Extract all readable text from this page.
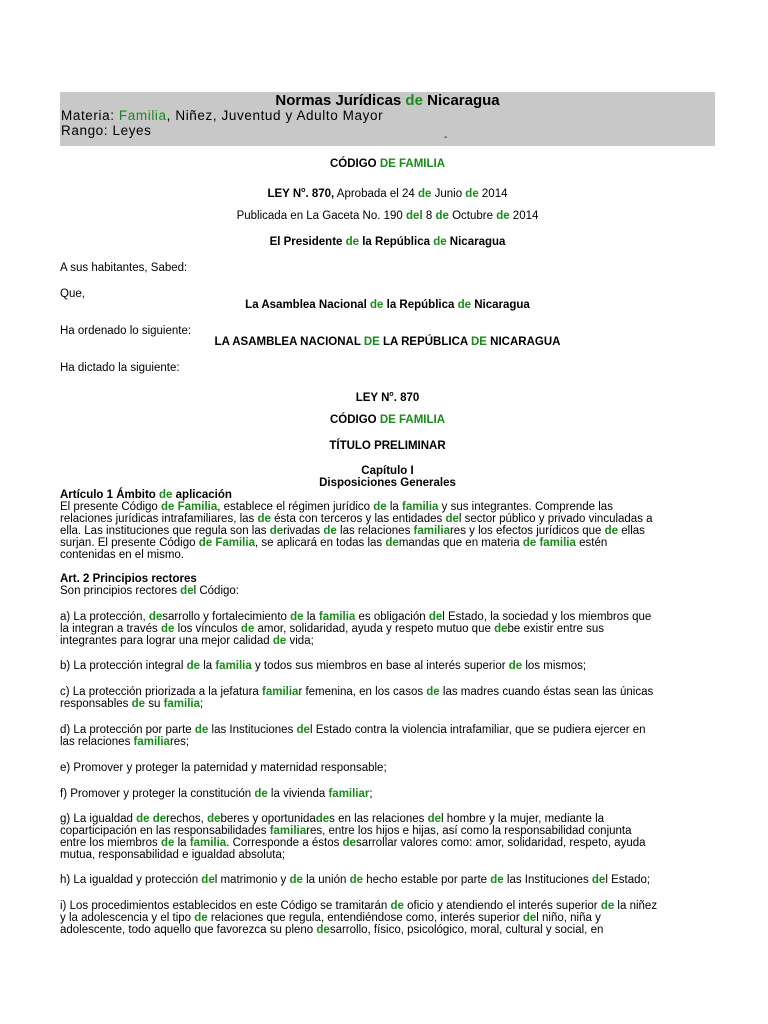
Normas Jurídicas de Nicaragua
Materia: Familia, Niñez, Juventud y Adulto Mayor
Rango: Leyes	-
CÓDIGO DE FAMILIA
LEY $N^o$. 870, Aprobada el 24 de Junio de 2014
Publicada en La Gaceta No. 190 del 8 de Octubre de 2014
El Presidente de la República de Nicaragua
A sus habitantes, Sabed:
Que,
La Asamblea Nacional de la República de Nicaragua
Ha ordenado lo siguiente:
LA ASAMBLEA NACIONAL DE LA REPÚBLICA DE NICARAGUA
Ha dictado la siguiente:
LEY $N^o$. 870
CÓDIGO DE FAMILIA
TÍTULO PRELIMINAR
Capítulo I
Disposiciones Generales
Artículo 1 Ámbito de aplicación
El presente Código de Familia, establece el régimen jurídico de la familia y sus integrantes. Comprende las
relaciones jurídicas intrafamiliares, las de ésta con terceros y las entidades del sector público y privado vinculadas a
ella. Las instituciones que regula son las derivadas de las relaciones familiares y los efectos jurídicos que de ellas
surjan. El presente Código de Familia, se aplicará en todas las demandas que en materia de familia estén
contenidas en el mismo.
Art. 2 Principios rectores
Son principios rectores del Código:
a) La protección, desarrollo y fortalecimiento de la familia es obligación del Estado, la sociedad y los miembros que
la integran a través de los vínculos de amor, solidaridad, ayuda y respeto mutuo que debe existir entre sus
integrantes para lograr una mejor calidad de vida;
b) La protección integral de la familia y todos sus miembros en base al interés superior de los mismos;
c) La protección priorizada a la jefatura familiar femenina, en los casos de las madres cuando éstas sean las únicas
responsables de su familia;
d) La protección por parte de las Instituciones del Estado contra la violencia intrafamiliar, que se pudiera ejercer en
las relaciones familiares;
e) Promover y proteger la paternidad y maternidad responsable;
f) Promover y proteger la constitución de la vivienda familiar;
g) La igualdad de derechos, deberes y oportunidades en las relaciones del hombre y la mujer, mediante la
coparticipación en las responsabilidades familiares, entre los hijos e hijas, así como la responsabilidad conjunta
entre los miembros de la familia. Corresponde a éstos desarrollar valores como: amor, solidaridad, respeto, ayuda
mutua, responsabilidad e igualdad absoluta;
h) La igualdad y protección del matrimonio y de la unión de hecho estable por parte de las Instituciones del Estado;
i) Los procedimientos establecidos en este Código se tramitarán de oficio y atendiendo el interés superior de la niñez
y la adolescencia y el tipo de relaciones que regula, entendiéndose como, interés superior del niño, niña y
adolescente, todo aquello que favorezca su pleno desarrollo, físico, psicológico, moral, cultural y social, en
